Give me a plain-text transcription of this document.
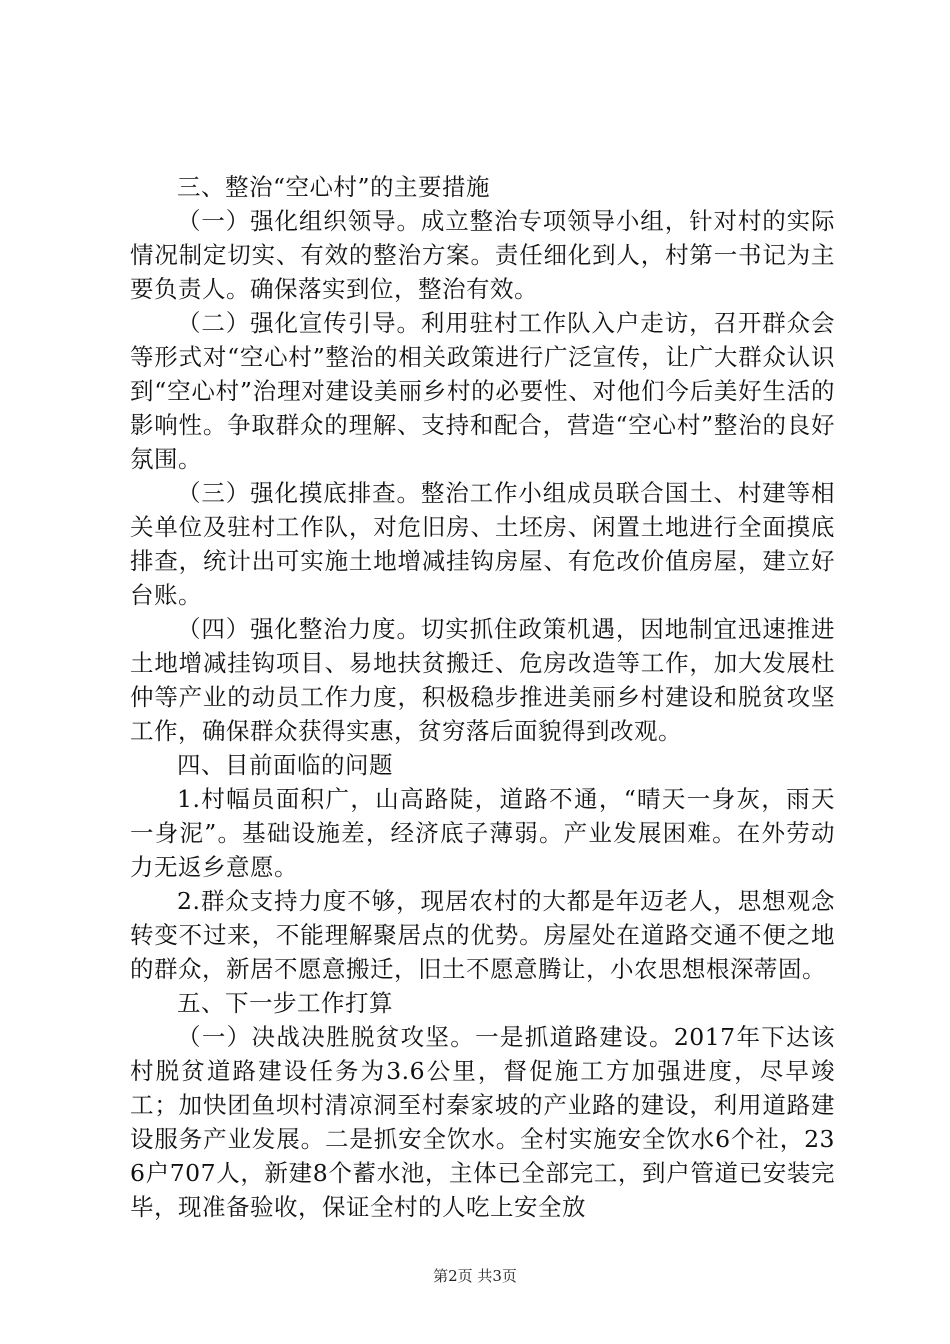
三、整治“空心村”的主要措施

（一）强化组织领导。成立整治专项领导小组，针对村的实际情况制定切实、有效的整治方案。责任细化到人，村第一书记为主要负责人。确保落实到位，整治有效。

（二）强化宣传引导。利用驻村工作队入户走访，召开群众会等形式对“空心村”整治的相关政策进行广泛宣传，让广大群众认识到“空心村”治理对建设美丽乡村的必要性、对他们今后美好生活的影响性。争取群众的理解、支持和配合，营造“空心村”整治的良好氛围。

（三）强化摸底排查。整治工作小组成员联合国土、村建等相关单位及驻村工作队，对危旧房、土坯房、闲置土地进行全面摸底排查，统计出可实施土地增减挂钩房屋、有危改价值房屋，建立好台账。

（四）强化整治力度。切实抓住政策机遇，因地制宜迅速推进土地增减挂钩项目、易地扶贫搬迁、危房改造等工作，加大发展杜仲等产业的动员工作力度，积极稳步推进美丽乡村建设和脱贫攻坚工作，确保群众获得实惠，贫穷落后面貌得到改观。

四、目前面临的问题

1.村幅员面积广，山高路陡，道路不通，“晴天一身灰，雨天一身泥”。基础设施差，经济底子薄弱。产业发展困难。在外劳动力无返乡意愿。

2.群众支持力度不够，现居农村的大都是年迈老人，思想观念转变不过来，不能理解聚居点的优势。房屋处在道路交通不便之地的群众，新居不愿意搬迁，旧土不愿意腾让，小农思想根深蒂固。

五、下一步工作打算

（一）决战决胜脱贫攻坚。一是抓道路建设。2017年下达该村脱贫道路建设任务为3.6公里，督促施工方加强进度，尽早竣工；加快团鱼坝村清凉洞至村秦家坡的产业路的建设，利用道路建设服务产业发展。二是抓安全饮水。全村实施安全饮水6个社，236户707人，新建8个蓄水池，主体已全部完工，到户管道已安装完毕，现准备验收，保证全村的人吃上安全放

第2页 共3页
